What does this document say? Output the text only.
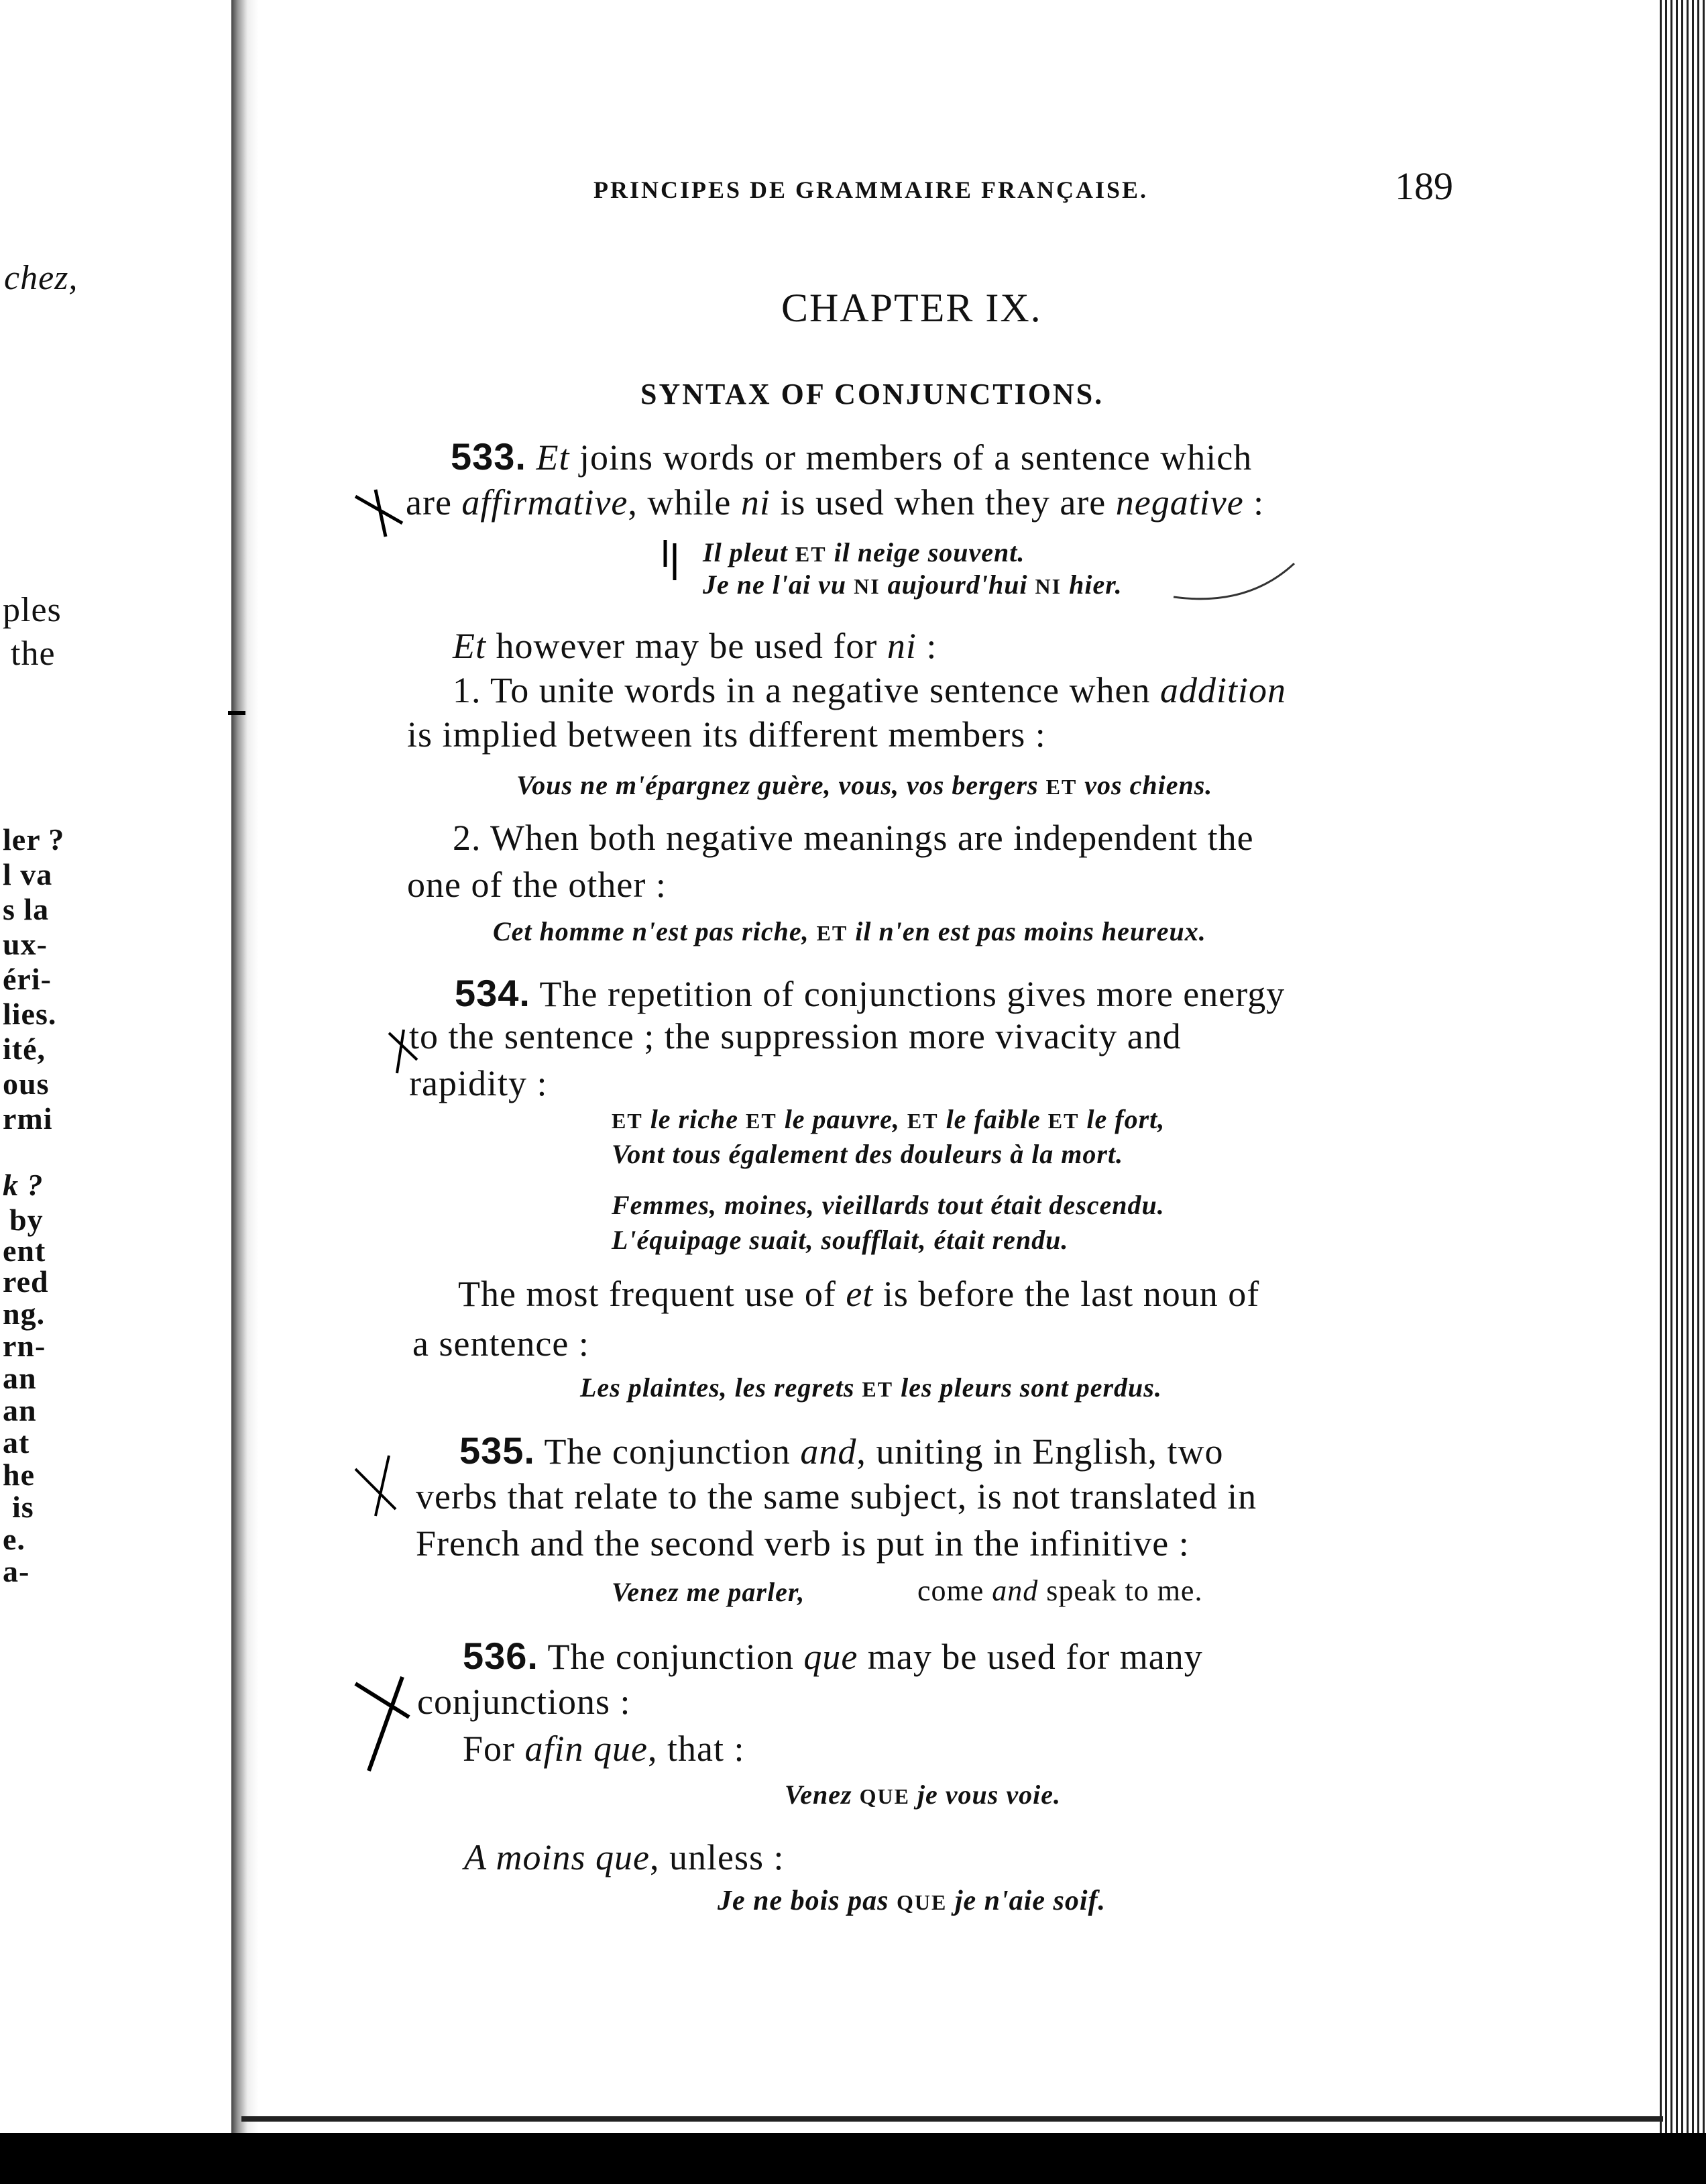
chez,
ples
the
ler ?
l va
s la
ux-
éri-
lies.
ité,
ous
rmi
k ?
by
ent
red
ng.
rn-
an
an
at
he
is
e.
a-
PRINCIPES DE GRAMMAIRE FRANÇAISE.	189
CHAPTER IX.
SYNTAX OF CONJUNCTIONS.
533. Et joins words or members of a sentence which
are affirmative, while ni is used when they are negative :
Il pleut ET il neige souvent.
Je ne l'ai vu NI aujourd'hui NI hier.
Et however may be used for ni :
1. To unite words in a negative sentence when addition
is implied between its different members :
Vous ne m'épargnez guère, vous, vos bergers ET vos chiens.
2. When both negative meanings are independent the
one of the other :
Cet homme n'est pas riche, ET il n'en est pas moins heureux.
534. The repetition of conjunctions gives more energy
to the sentence ; the suppression more vivacity and
rapidity :
ET le riche ET le pauvre, ET le faible ET le fort,
Vont tous également des douleurs à la mort.
Femmes, moines, vieillards tout était descendu.
L'équipage suait, soufflait, était rendu.
The most frequent use of et is before the last noun of
a sentence :
Les plaintes, les regrets ET les pleurs sont perdus.
535. The conjunction and, uniting in English, two
verbs that relate to the same subject, is not translated in
French and the second verb is put in the infinitive :
Venez me parler,	come and speak to me.
536. The conjunction que may be used for many
conjunctions :
For afin que, that :
Venez QUE je vous voie.
A moins que, unless :
Je ne bois pas QUE je n'aie soif.
